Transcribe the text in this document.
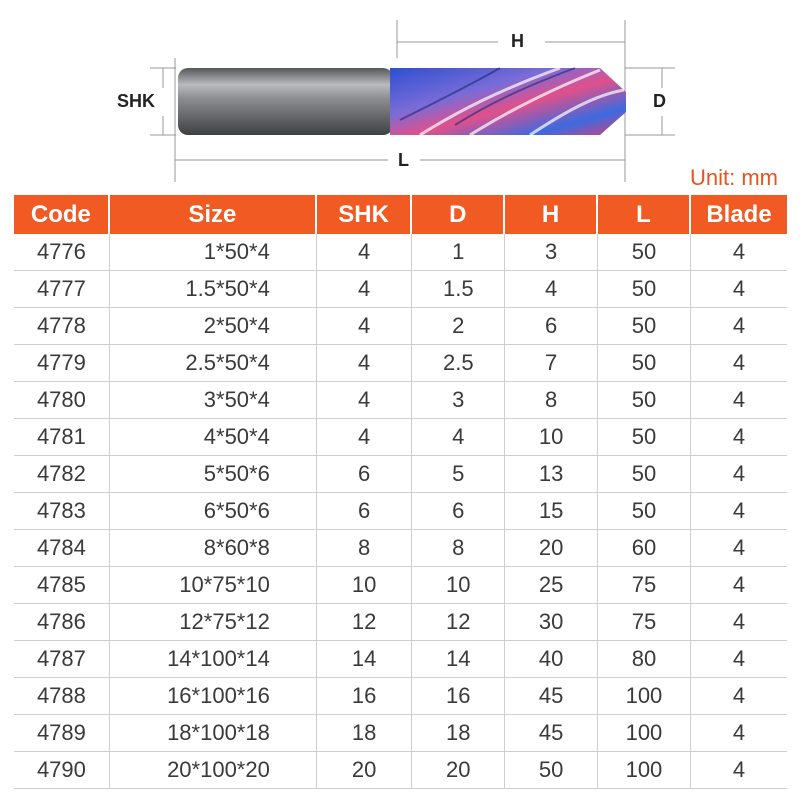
SHK	D
H
L
Unit: mm
Code	Size	SHK	D	H	L	Blade
4776	1*50*4	4	1	3	50	4
4777	1.5*50*4	4	1.5	4	50	4
4778	2*50*4	4	2	6	50	4
4779	2.5*50*4	4	2.5	7	50	4
4780	3*50*4	4	3	8	50	4
4781	4*50*4	4	4	10	50	4
4782	5*50*6	6	5	13	50	4
4783	6*50*6	6	6	15	50	4
4784	8*60*8	8	8	20	60	4
4785	10*75*10	10	10	25	75	4
4786	12*75*12	12	12	30	75	4
4787	14*100*14	14	14	40	80	4
4788	16*100*16	16	16	45	100	4
4789	18*100*18	18	18	45	100	4
4790	20*100*20	20	20	50	100	4
